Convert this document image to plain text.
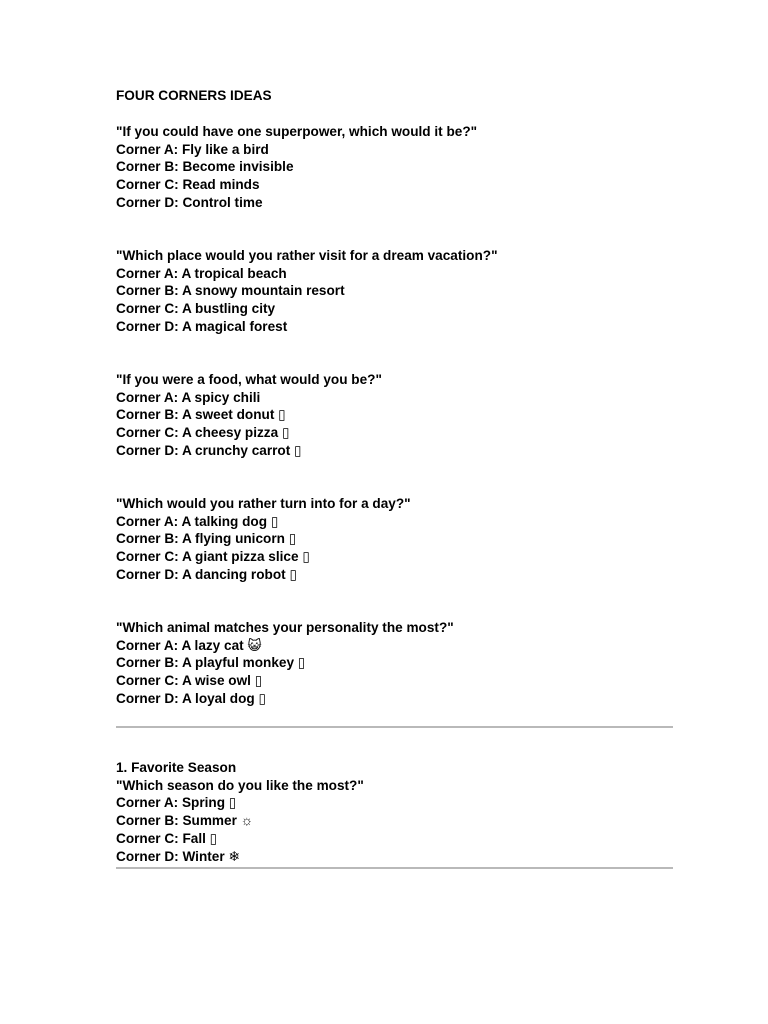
FOUR CORNERS IDEAS
"If you could have one superpower, which would it be?"
Corner A: Fly like a bird
Corner B: Become invisible
Corner C: Read minds
Corner D: Control time
"Which place would you rather visit for a dream vacation?"
Corner A: A tropical beach
Corner B: A snowy mountain resort
Corner C: A bustling city
Corner D: A magical forest
"If you were a food, what would you be?"
Corner A: A spicy chili
Corner B: A sweet donut ▯
Corner C: A cheesy pizza ▯
Corner D: A crunchy carrot ▯
"Which would you rather turn into for a day?"
Corner A: A talking dog ▯
Corner B: A flying unicorn ▯
Corner C: A giant pizza slice ▯
Corner D: A dancing robot ▯
"Which animal matches your personality the most?"
Corner A: A lazy cat 😺
Corner B: A playful monkey ▯
Corner C: A wise owl ▯
Corner D: A loyal dog ▯
1. Favorite Season
"Which season do you like the most?"
Corner A: Spring ▯
Corner B: Summer ☼
Corner C: Fall ▯
Corner D: Winter ❄
